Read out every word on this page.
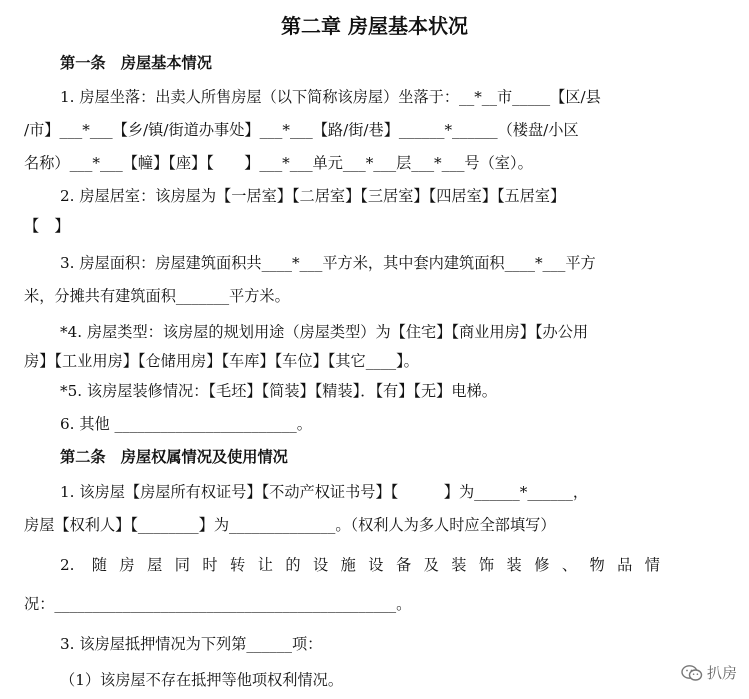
第二章 房屋基本状况
第一条　房屋基本情况
1. 房屋坐落：出卖人所售房屋（以下简称该房屋）坐落于：__*__市_____【区/县
/市】___*___【乡/镇/街道办事处】___*___【路/街/巷】______*______（楼盘/小区
名称）___*___【幢】【座】【　　】___*___单元___*___层___*___号（室）。
2. 房屋居室：该房屋为【一居室】【二居室】【三居室】【四居室】【五居室】
【　】
3. 房屋面积：房屋建筑面积共____*___平方米，其中套内建筑面积____*___平方
米，分摊共有建筑面积_______平方米。
*4. 房屋类型：该房屋的规划用途（房屋类型）为【住宅】【商业用房】【办公用
房】【工业用房】【仓储用房】【车库】【车位】【其它____】。
*5. 该房屋装修情况：【毛坯】【简装】【精装】．【有】【无】电梯。
6. 其他 ________________________。
第二条　房屋权属情况及使用情况
1. 该房屋【房屋所有权证号】【不动产权证书号】【　　　】为______*______，
房屋【权利人】【________】为______________。（权利人为多人时应全部填写）
2. 随房屋同时转让的设施设备及装饰装修、物品情
况：_____________________________________________。
3. 该房屋抵押情况为下列第______项：
（1）该房屋不存在抵押等他项权利情况。	扒房
